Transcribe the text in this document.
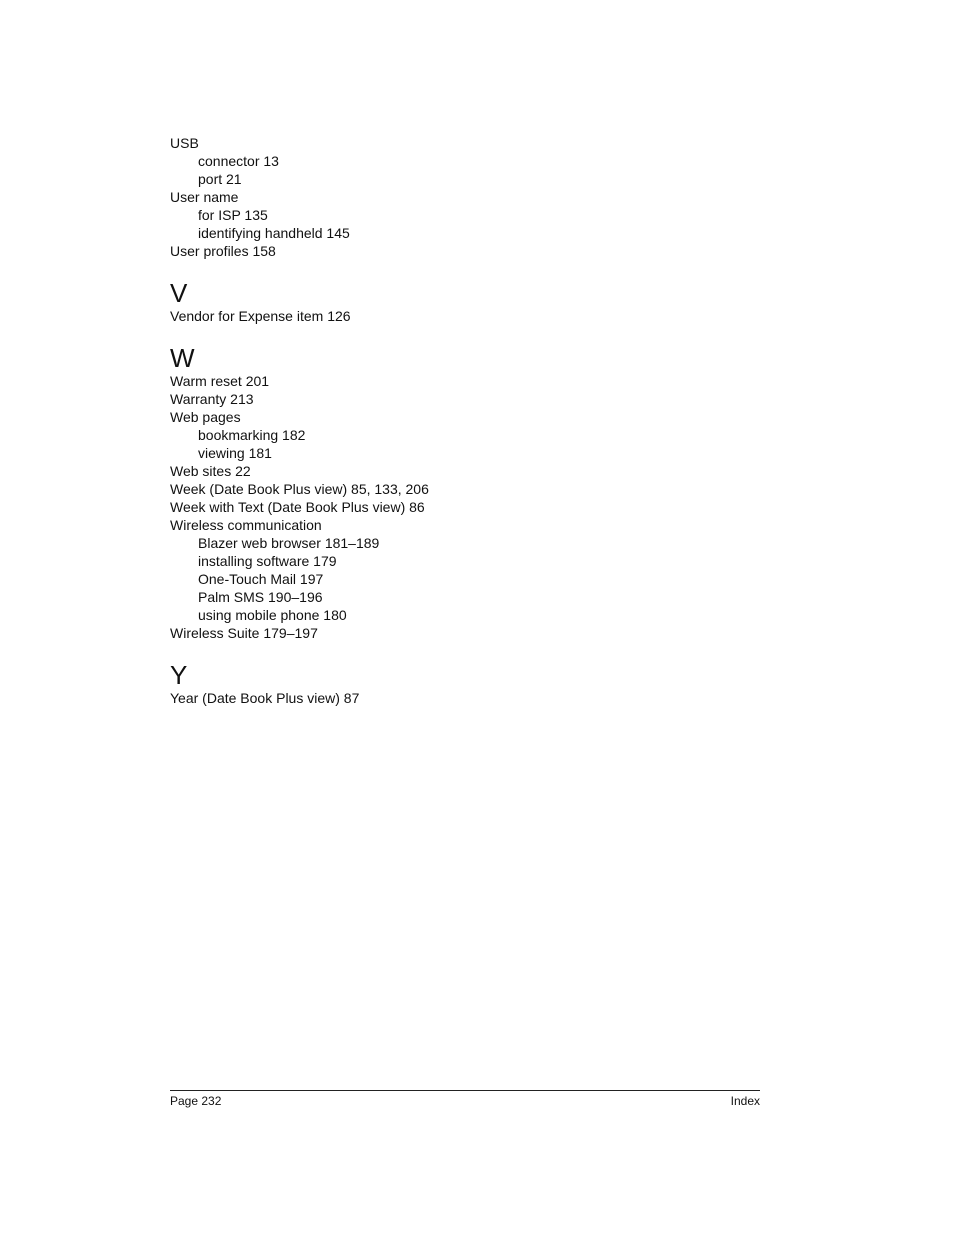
USB
connector 13
port 21
User name
for ISP 135
identifying handheld 145
User profiles 158
V
Vendor for Expense item 126
W
Warm reset 201
Warranty 213
Web pages
bookmarking 182
viewing 181
Web sites 22
Week (Date Book Plus view) 85, 133, 206
Week with Text (Date Book Plus view) 86
Wireless communication
Blazer web browser 181–189
installing software 179
One-Touch Mail 197
Palm SMS 190–196
using mobile phone 180
Wireless Suite 179–197
Y
Year (Date Book Plus view) 87
Page 232	Index
